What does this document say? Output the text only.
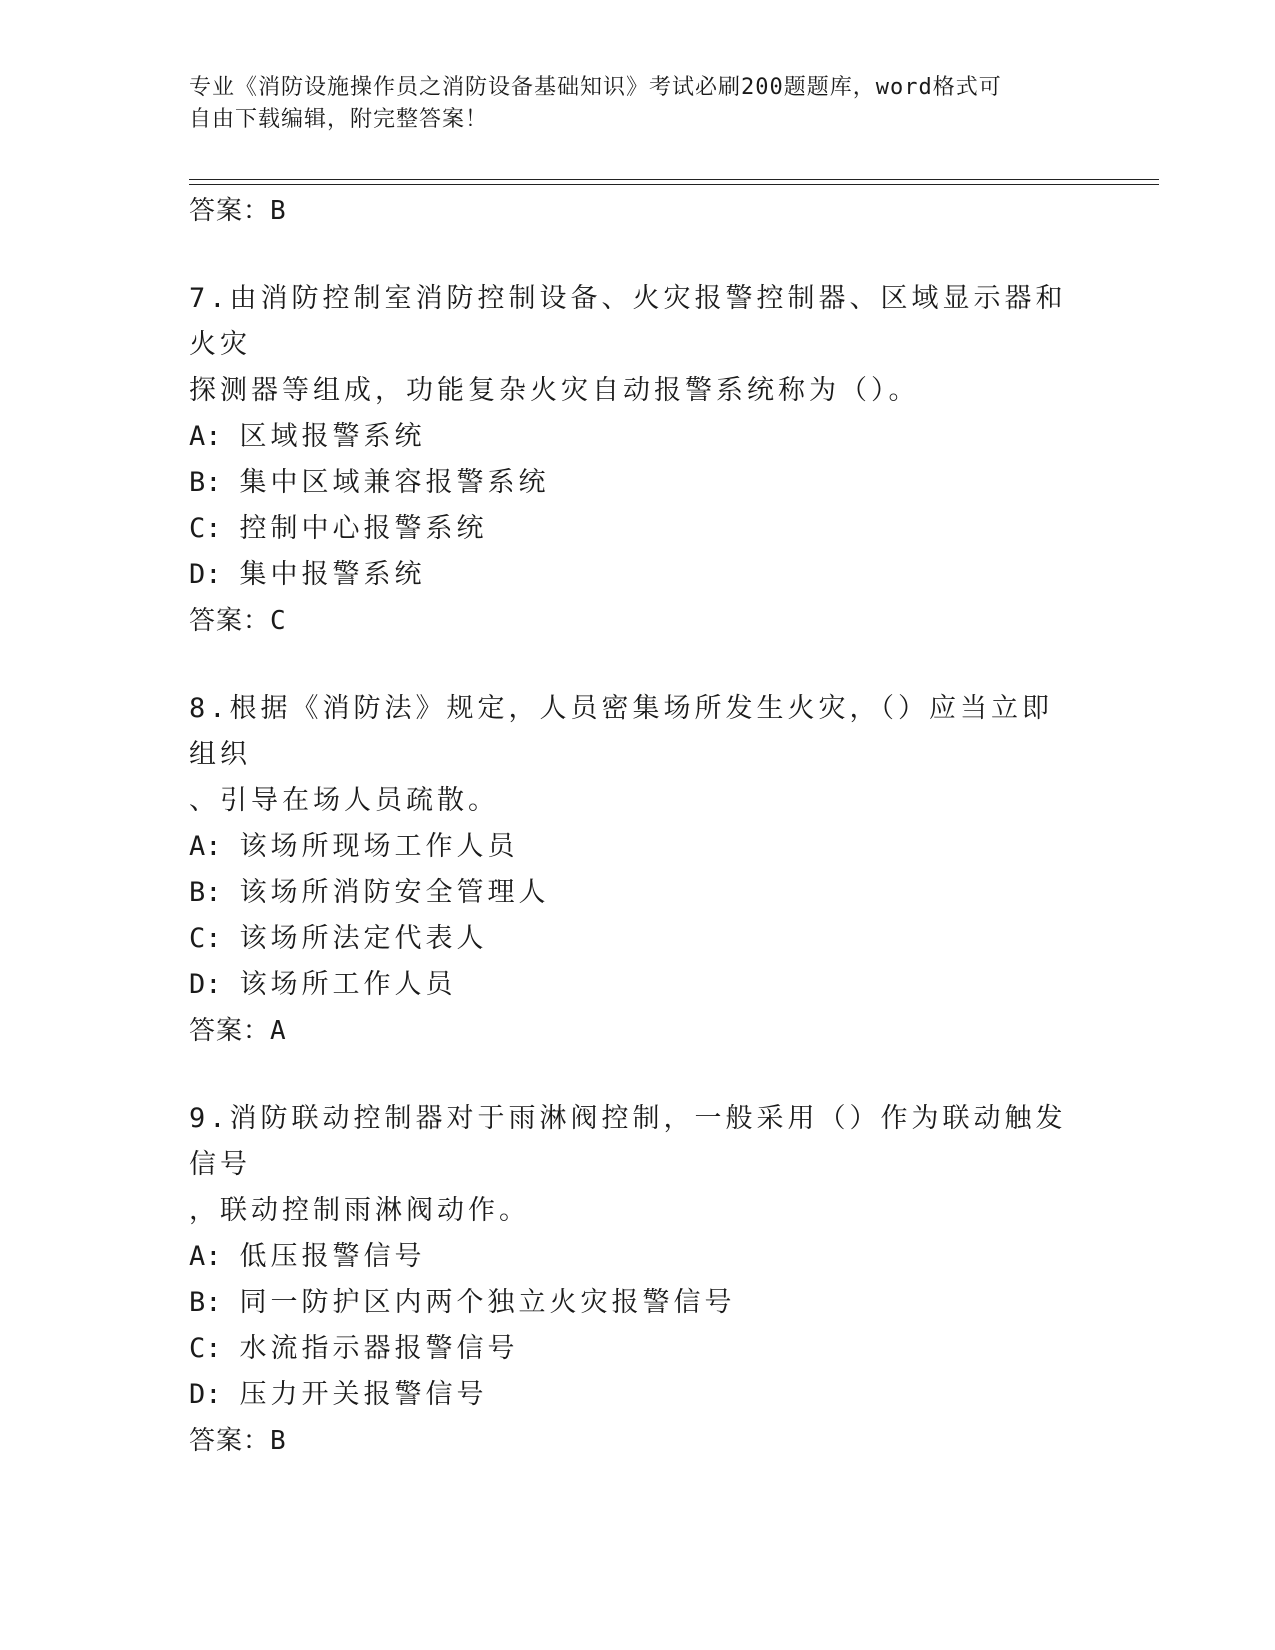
专业《消防设施操作员之消防设备基础知识》考试必刷200题题库，word格式可
自由下载编辑，附完整答案！
答案：B
7.由消防控制室消防控制设备、火灾报警控制器、区域显示器和火灾
探测器等组成，功能复杂火灾自动报警系统称为（）。
A: 区域报警系统
B: 集中区域兼容报警系统
C: 控制中心报警系统
D: 集中报警系统
答案：C
8.根据《消防法》规定，人员密集场所发生火灾，（）应当立即组织
、引导在场人员疏散。
A: 该场所现场工作人员
B: 该场所消防安全管理人
C: 该场所法定代表人
D: 该场所工作人员
答案：A
9.消防联动控制器对于雨淋阀控制，一般采用（）作为联动触发信号
，联动控制雨淋阀动作。
A: 低压报警信号
B: 同一防护区内两个独立火灾报警信号
C: 水流指示器报警信号
D: 压力开关报警信号
答案：B
